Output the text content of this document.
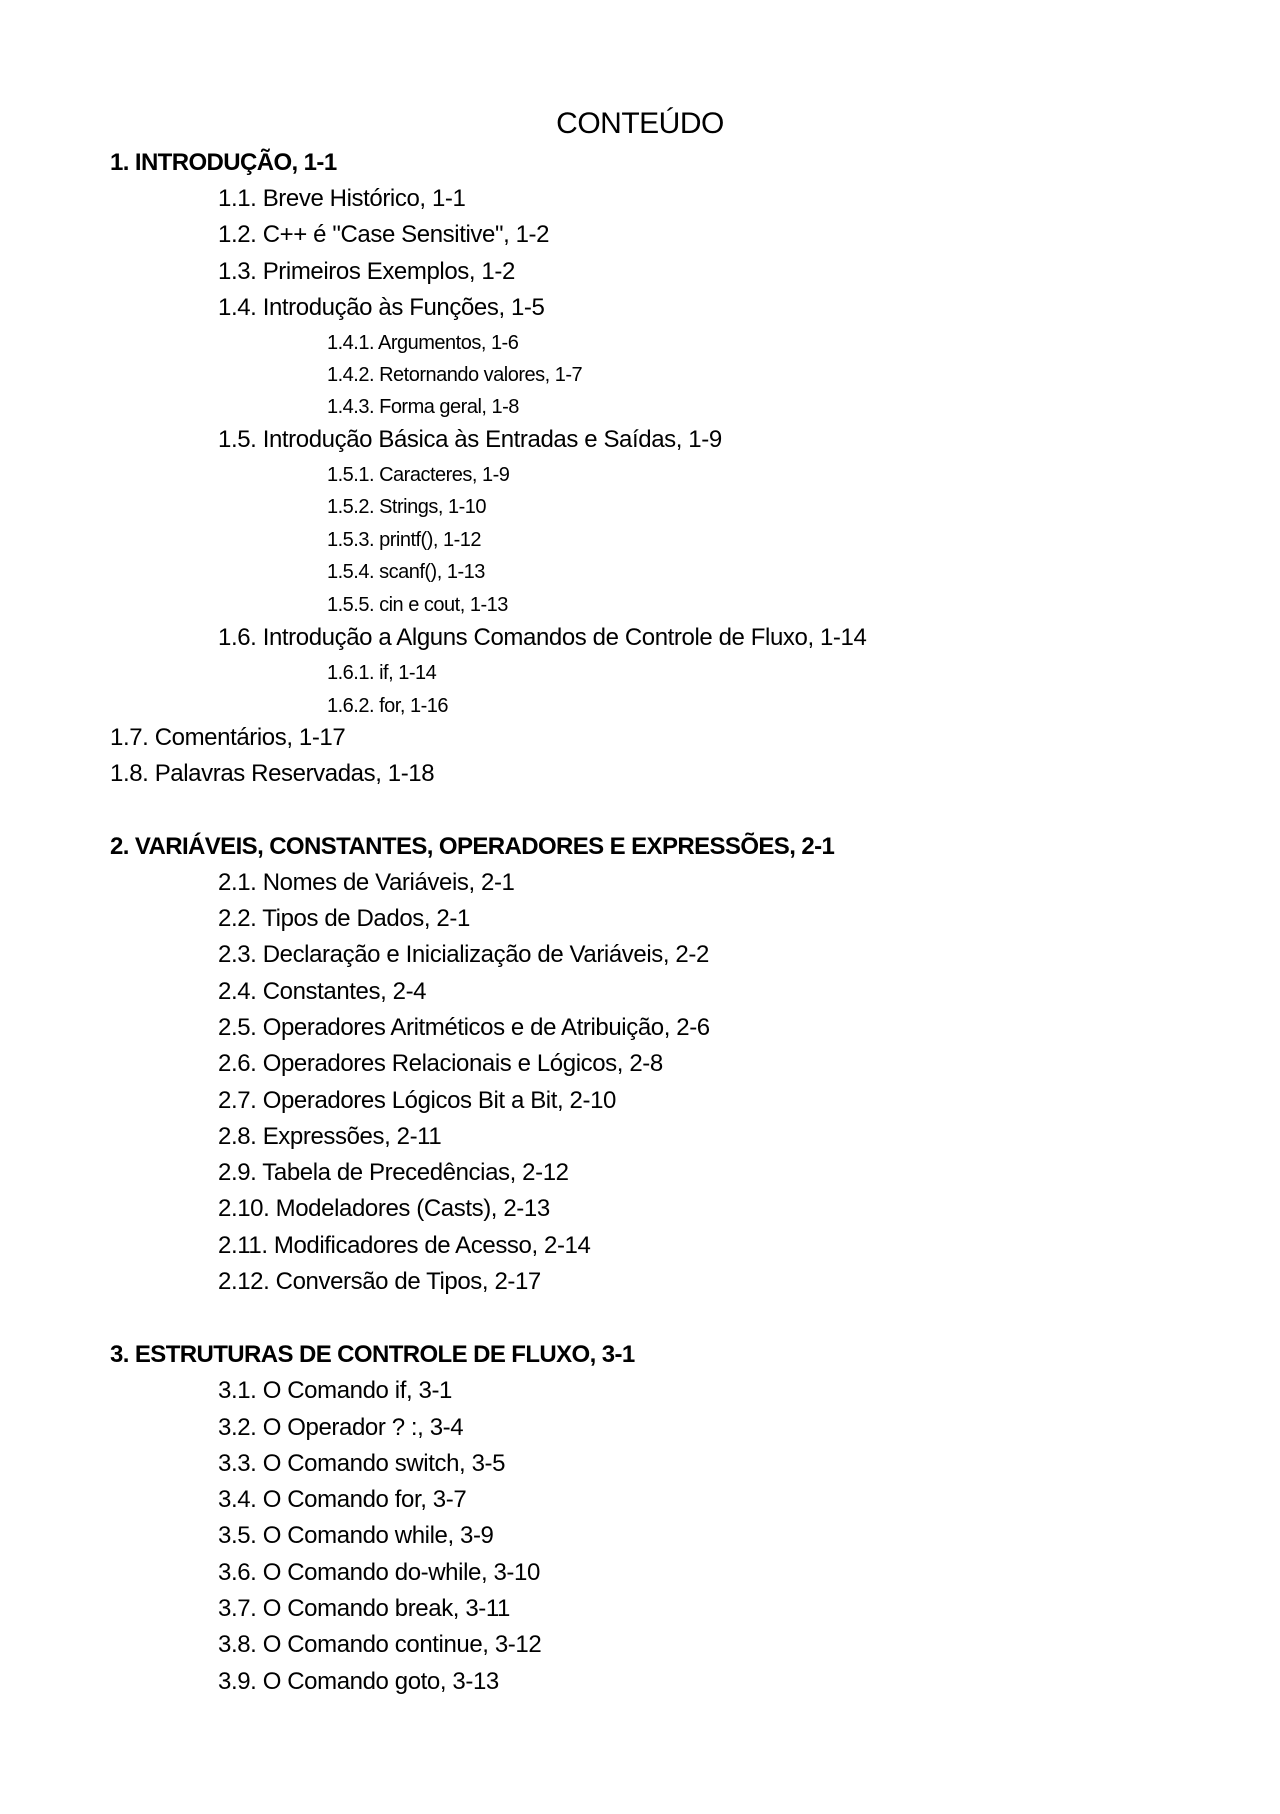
CONTEÚDO
1. INTRODUÇÃO, 1-1
1.1. Breve Histórico, 1-1
1.2. C++ é "Case Sensitive", 1-2
1.3. Primeiros Exemplos, 1-2
1.4. Introdução às Funções, 1-5
1.4.1. Argumentos, 1-6
1.4.2. Retornando valores, 1-7
1.4.3. Forma geral, 1-8
1.5. Introdução Básica às Entradas e Saídas, 1-9
1.5.1. Caracteres, 1-9
1.5.2. Strings, 1-10
1.5.3. printf(), 1-12
1.5.4. scanf(), 1-13
1.5.5. cin e cout, 1-13
1.6. Introdução a Alguns Comandos de Controle de Fluxo, 1-14
1.6.1. if, 1-14
1.6.2. for, 1-16
1.7. Comentários, 1-17
1.8. Palavras Reservadas, 1-18
2. VARIÁVEIS, CONSTANTES, OPERADORES E EXPRESSÕES, 2-1
2.1. Nomes de Variáveis, 2-1
2.2. Tipos de Dados, 2-1
2.3. Declaração e Inicialização de Variáveis, 2-2
2.4. Constantes, 2-4
2.5. Operadores Aritméticos e de Atribuição, 2-6
2.6. Operadores Relacionais e Lógicos, 2-8
2.7. Operadores Lógicos Bit a Bit, 2-10
2.8. Expressões, 2-11
2.9. Tabela de Precedências, 2-12
2.10. Modeladores (Casts), 2-13
2.11. Modificadores de Acesso, 2-14
2.12. Conversão de Tipos, 2-17
3. ESTRUTURAS DE CONTROLE DE FLUXO, 3-1
3.1. O Comando if, 3-1
3.2. O Operador ? :, 3-4
3.3. O Comando switch, 3-5
3.4. O Comando for, 3-7
3.5. O Comando while, 3-9
3.6. O Comando do-while, 3-10
3.7. O Comando break, 3-11
3.8. O Comando continue, 3-12
3.9. O Comando goto, 3-13
